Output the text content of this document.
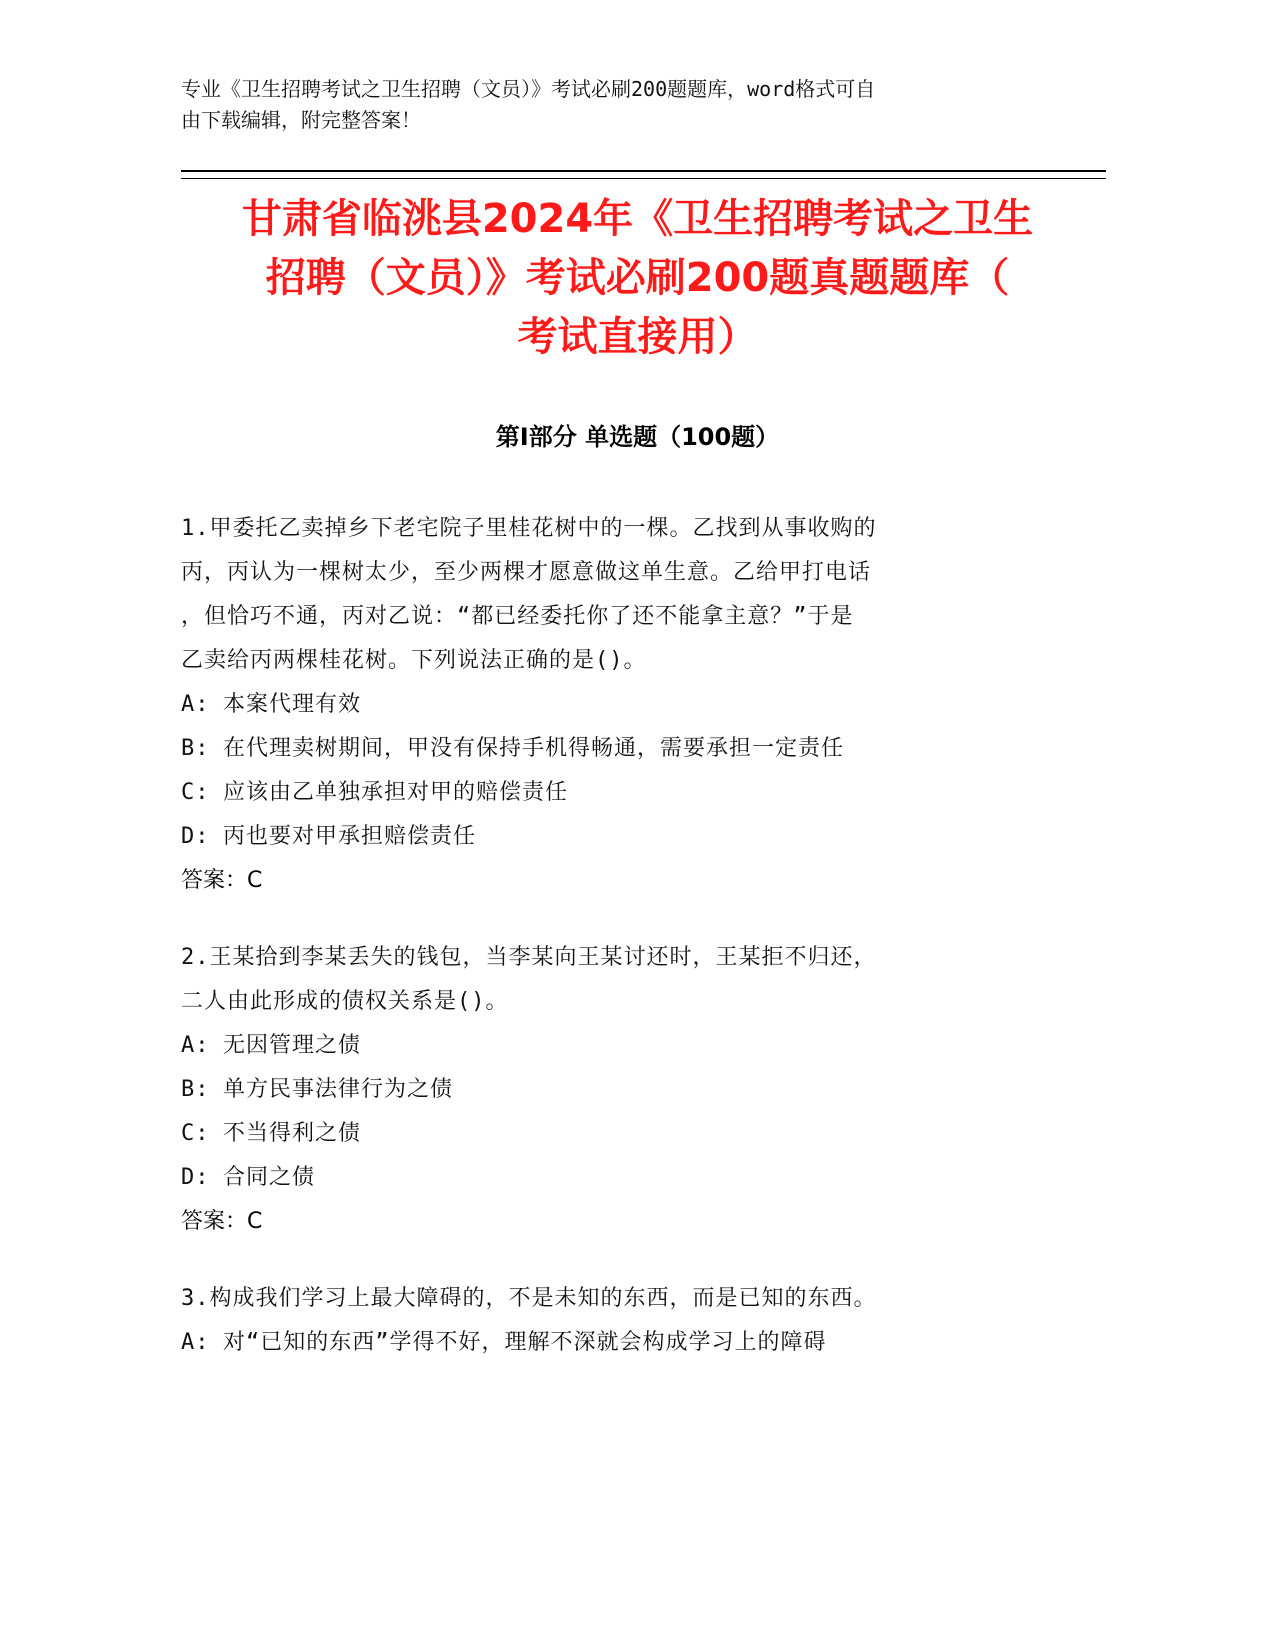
专业《卫生招聘考试之卫生招聘（文员）》考试必刷200题题库，word格式可自
由下载编辑，附完整答案！
甘肃省临洮县2024年《卫生招聘考试之卫生
招聘（文员）》考试必刷200题真题题库（
考试直接用）
第Ⅰ部分 单选题（100题）
1.甲委托乙卖掉乡下老宅院子里桂花树中的一棵。乙找到从事收购的
丙，丙认为一棵树太少，至少两棵才愿意做这单生意。乙给甲打电话
，但恰巧不通，丙对乙说：“都已经委托你了还不能拿主意？”于是
乙卖给丙两棵桂花树。下列说法正确的是()。
A: 本案代理有效
B: 在代理卖树期间，甲没有保持手机得畅通，需要承担一定责任
C: 应该由乙单独承担对甲的赔偿责任
D: 丙也要对甲承担赔偿责任
答案：C
2.王某拾到李某丢失的钱包，当李某向王某讨还时，王某拒不归还，
二人由此形成的债权关系是()。
A: 无因管理之债
B: 单方民事法律行为之债
C: 不当得利之债
D: 合同之债
答案：C
3.构成我们学习上最大障碍的，不是未知的东西，而是已知的东西。
A: 对“已知的东西”学得不好，理解不深就会构成学习上的障碍
